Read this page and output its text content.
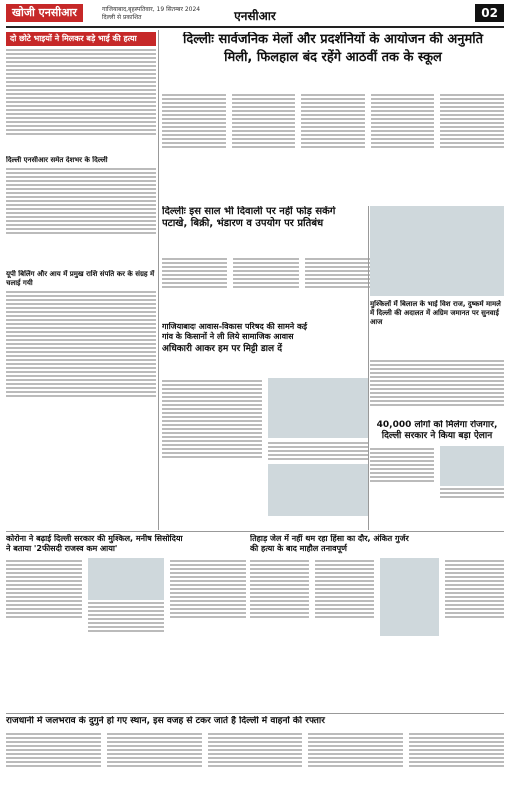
खोजी एनसीआर	गाजियाबाद,बृहस्पतिवार, 19 सितम्बर 2024
दिल्ली से प्रकाशित	एनसीआर	02
दो छोटे भाइयों ने मिलकर बड़े भाई की हत्या	दिल्लीः सार्वजनिक मेलों और प्रदर्शनियों के आयोजन की अनुमति
मिली, फिलहाल बंद रहेंगे आठवीं तक के स्कूल
दिल्ली एनसीआर समेत देशभर के दिल्ली
दिल्लीः इस साल भी दिवाली पर नहीं फोड़ सकेंगे
पटाखे, बिक्री, भंडारण व उपयोग पर प्रतिबंध
मुश्किलों में बिलाल के भाई विश राज, दुष्कर्म मामले में दिल्ली की अदालत में अग्रिम जमानत पर सुनवाई आज
यूपी बिलिंग और आय में प्रमुख राशि संपति कर के संग्रह में चलाई गयी
गाजियाबादः आवास-विकास परिषद की सामने कई
गांव के किसानों ने ली लिये सामाजिक आवास
अधिकारी आकर हम पर मिट्टी डाल दें
40,000 लोगों को मिलेगा रोजगार,
दिल्ली सरकार ने किया बड़ा ऐलान
कोरोना ने बढ़ाई दिल्ली सरकार की मुश्किल, मनीष सिसोदिया
ने बताया '2फीसदी राजस्व कम आया'
तिहाड़ जेल में नहीं थम रहा हिंसा का दौर, अंकित गुर्जर
की हत्या के बाद माहौल तनावपूर्ण
राजधानी में जलभराव के दुगुने हो गए स्थान, इस वजह से टकर जाते है दिल्ली में वाहनों की रफ्तार
